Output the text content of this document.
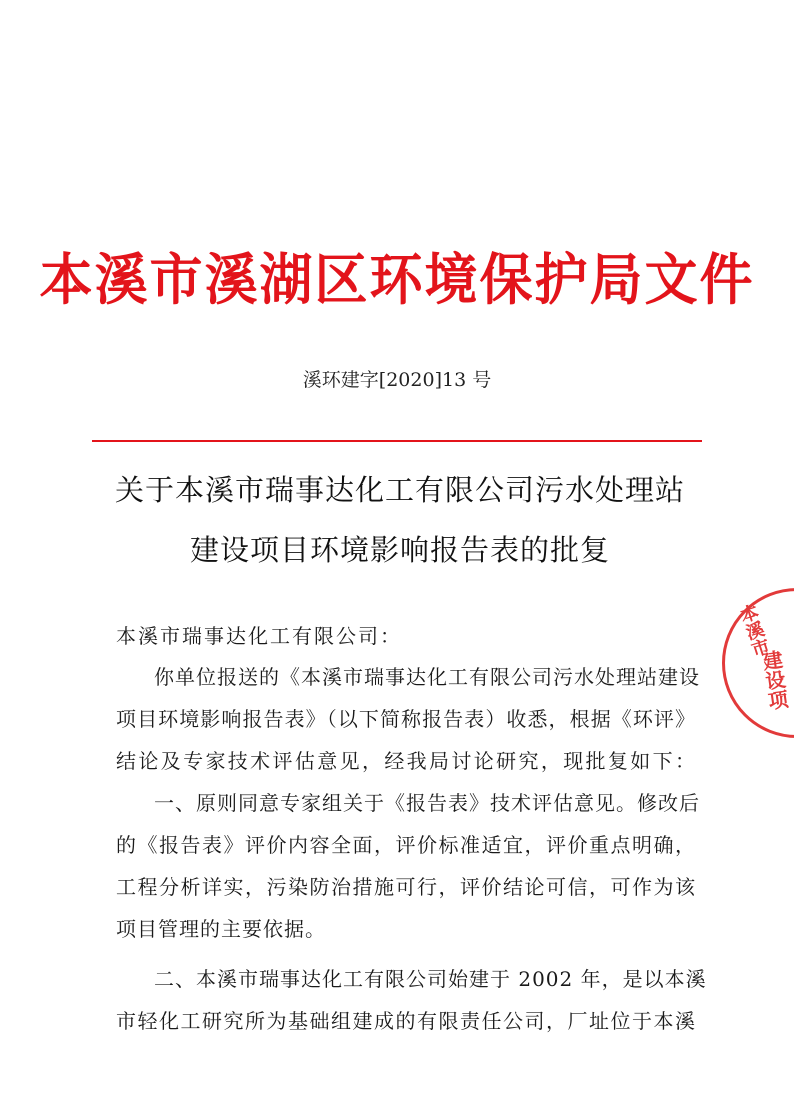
本溪市溪湖区环境保护局文件
溪环建字[2020]13 号
关于本溪市瑞事达化工有限公司污水处理站
建设项目环境影响报告表的批复
本溪市瑞事达化工有限公司：
你单位报送的《本溪市瑞事达化工有限公司污水处理站建设
项目环境影响报告表》（以下简称报告表）收悉，根据《环评》
结论及专家技术评估意见，经我局讨论研究，现批复如下：
一、原则同意专家组关于《报告表》技术评估意见。修改后
的《报告表》评价内容全面，评价标准适宜，评价重点明确，
工程分析详实，污染防治措施可行，评价结论可信，可作为该
项目管理的主要依据。
二、本溪市瑞事达化工有限公司始建于 2002 年，是以本溪
市轻化工研究所为基础组建成的有限责任公司，厂址位于本溪
本溪市
建设项
